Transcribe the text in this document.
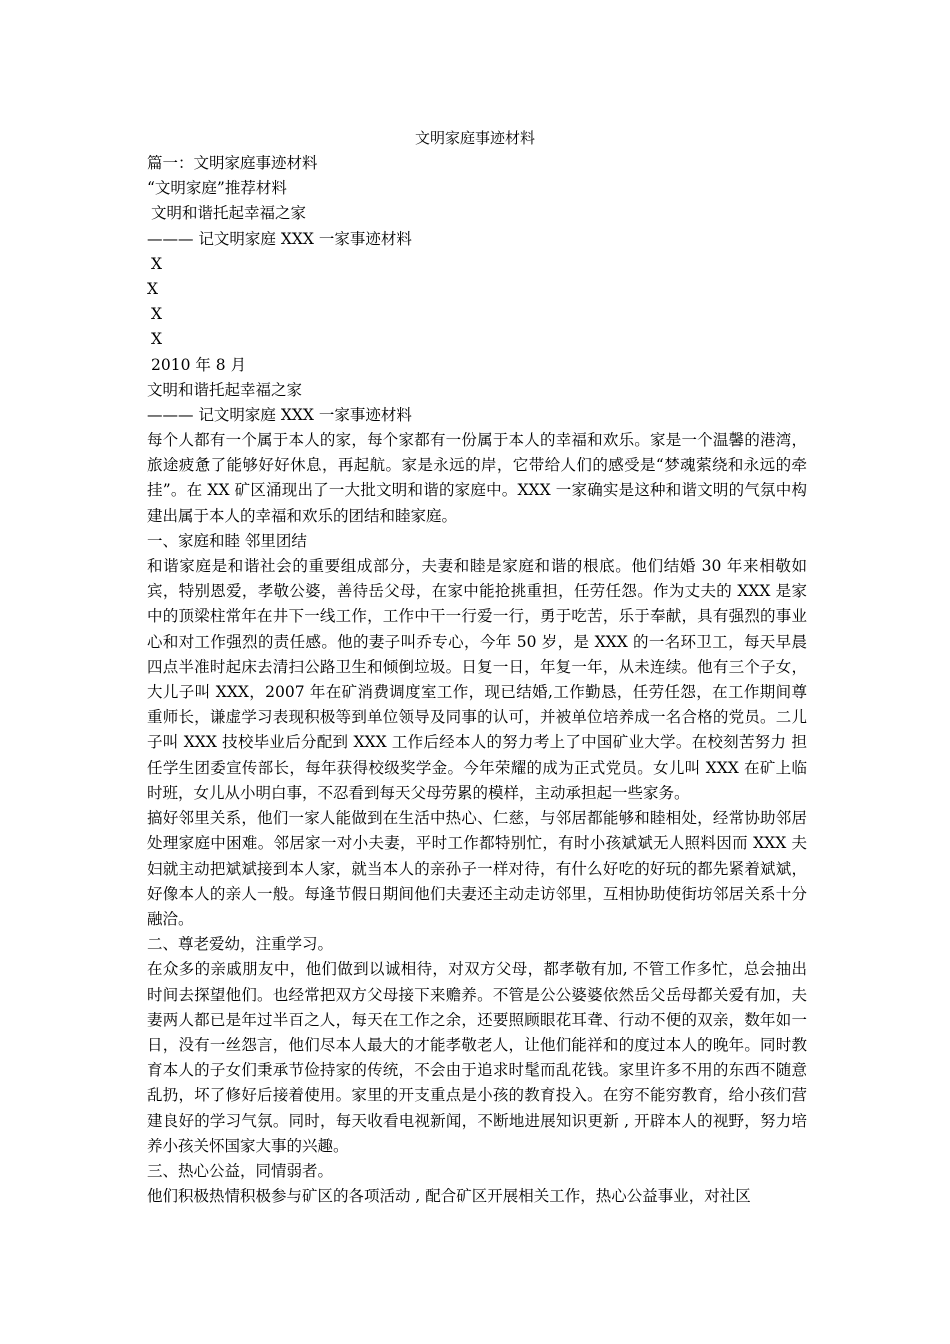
文明家庭事迹材料
篇一：文明家庭事迹材料
“文明家庭”推荐材料
文明和谐托起幸福之家
——— 记文明家庭 XXX 一家事迹材料
X
X
X
X
2010 年 8 月
文明和谐托起幸福之家
——— 记文明家庭 XXX 一家事迹材料
每个人都有一个属于本人的家，每个家都有一份属于本人的幸福和欢乐。家是一个温馨的港湾，旅途疲惫了能够好好休息，再起航。家是永远的岸，它带给人们的感受是“梦魂萦绕和永远的牵挂”。在 XX 矿区涌现出了一大批文明和谐的家庭中。XXX 一家确实是这种和谐文明的气氛中构建出属于本人的幸福和欢乐的团结和睦家庭。
一、家庭和睦 邻里团结
和谐家庭是和谐社会的重要组成部分，夫妻和睦是家庭和谐的根底。他们结婚 30 年来相敬如宾，特别恩爱，孝敬公婆，善待岳父母，在家中能抢挑重担，任劳任怨。作为丈夫的 XXX 是家中的顶梁柱常年在井下一线工作，工作中干一行爱一行，勇于吃苦，乐于奉献，具有强烈的事业心和对工作强烈的责任感。他的妻子叫乔专心，今年 50 岁，是 XXX 的一名环卫工，每天早晨四点半准时起床去清扫公路卫生和倾倒垃圾。日复一日，年复一年，从未连续。他有三个子女，大儿子叫 XXX，2007 年在矿消费调度室工作，现已结婚,工作勤恳，任劳任怨，在工作期间尊重师长，谦虚学习表现积极等到单位领导及同事的认可，并被单位培养成一名合格的党员。二儿子叫 XXX 技校毕业后分配到 XXX 工作后经本人的努力考上了中国矿业大学。在校刻苦努力 担任学生团委宣传部长，每年获得校级奖学金。今年荣耀的成为正式党员。女儿叫 XXX 在矿上临时班，女儿从小明白事，不忍看到每天父母劳累的模样，主动承担起一些家务。
搞好邻里关系，他们一家人能做到在生活中热心、仁慈，与邻居都能够和睦相处，经常协助邻居处理家庭中困难。邻居家一对小夫妻，平时工作都特别忙，有时小孩斌斌无人照料因而 XXX 夫妇就主动把斌斌接到本人家，就当本人的亲孙子一样对待，有什么好吃的好玩的都先紧着斌斌，好像本人的亲人一般。每逢节假日期间他们夫妻还主动走访邻里，互相协助使街坊邻居关系十分融洽。
二、尊老爱幼，注重学习。
在众多的亲戚朋友中，他们做到以诚相待，对双方父母，都孝敬有加, 不管工作多忙，总会抽出时间去探望他们。也经常把双方父母接下来赡养。不管是公公婆婆依然岳父岳母都关爱有加，夫妻两人都已是年过半百之人，每天在工作之余，还要照顾眼花耳聋、行动不便的双亲，数年如一日，没有一丝怨言，他们尽本人最大的才能孝敬老人，让他们能祥和的度过本人的晚年。同时教育本人的子女们秉承节俭持家的传统，不会由于追求时髦而乱花钱。家里许多不用的东西不随意乱扔，坏了修好后接着使用。家里的开支重点是小孩的教育投入。在穷不能穷教育，给小孩们营建良好的学习气氛。同时，每天收看电视新闻，不断地进展知识更新 , 开辟本人的视野，努力培养小孩关怀国家大事的兴趣。
三、热心公益，同情弱者。
他们积极热情积极参与矿区的各项活动 , 配合矿区开展相关工作，热心公益事业，对社区
